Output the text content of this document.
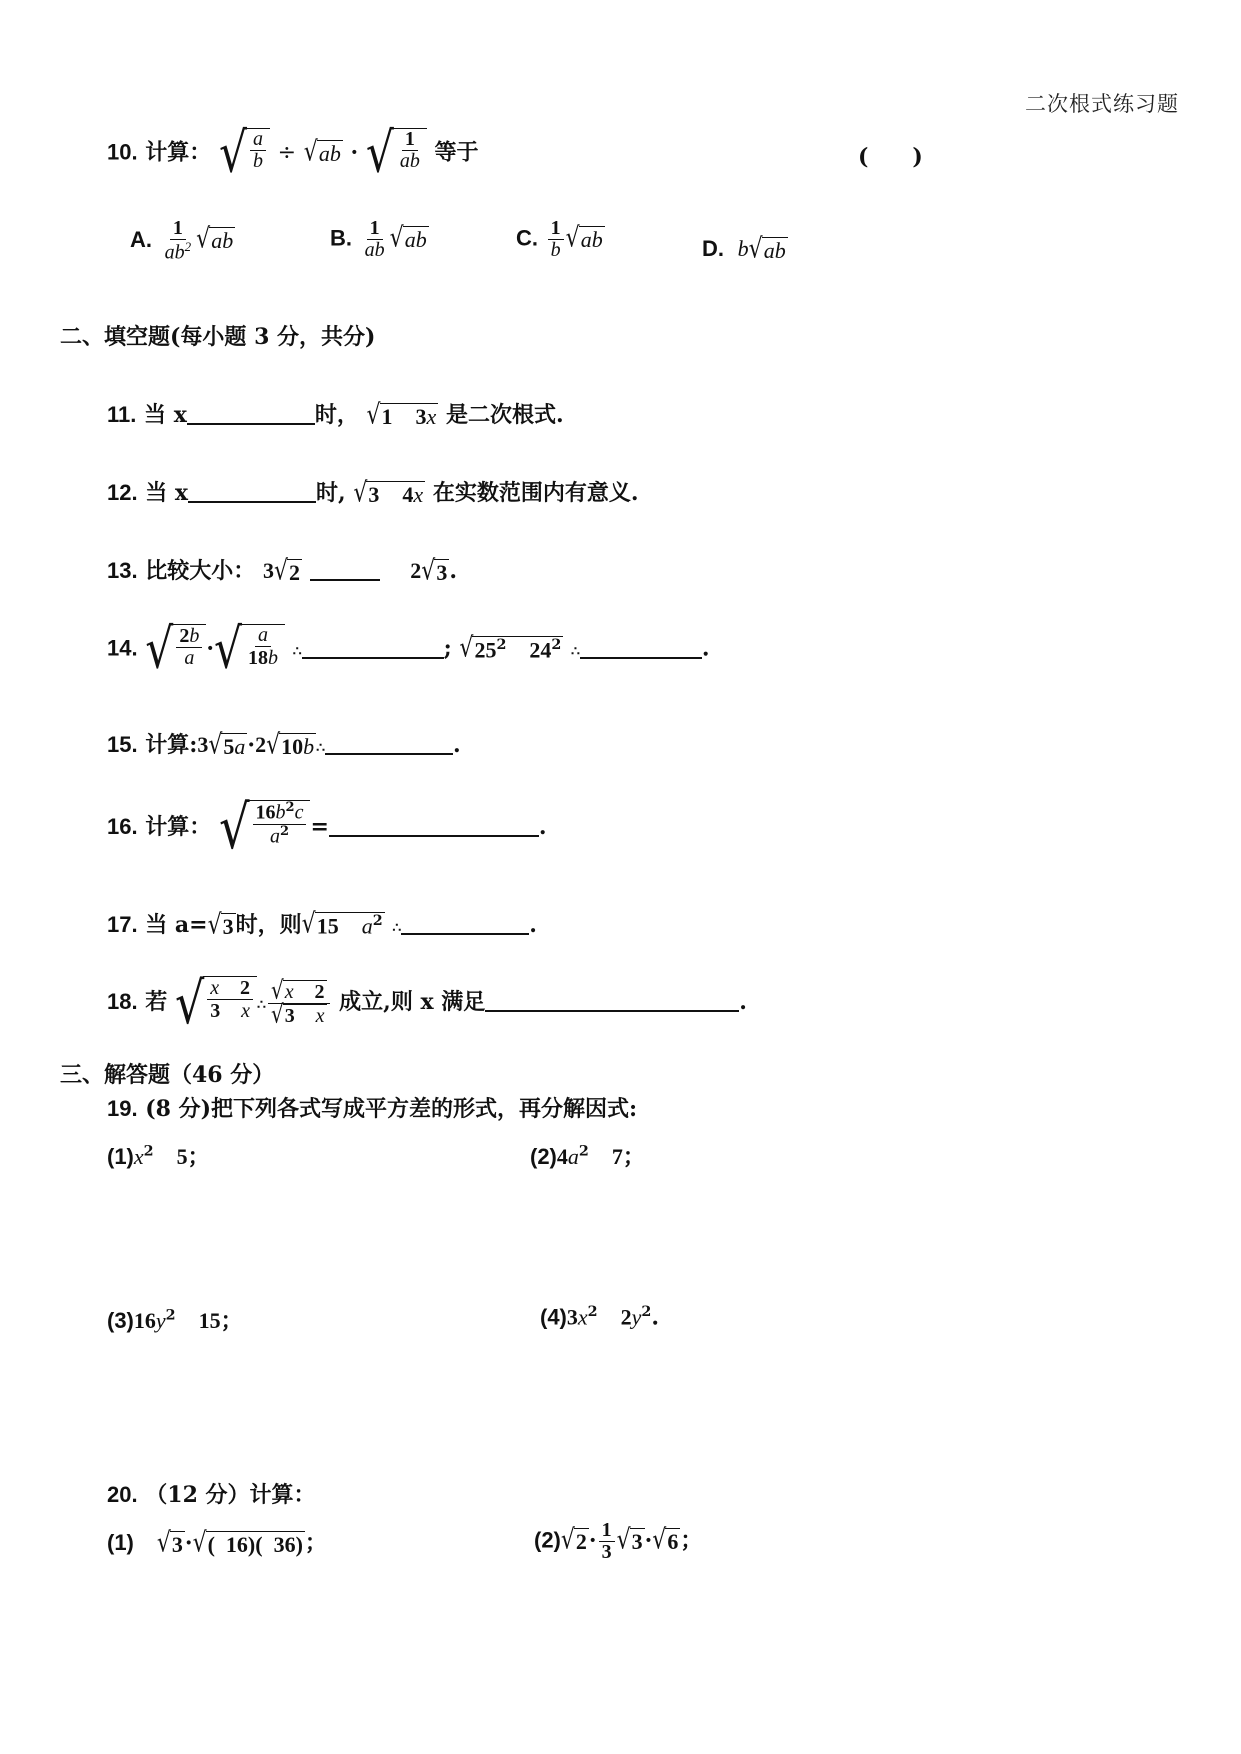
二次根式练习题
10. 计算： √ $\frac{a}{b}$ ÷ √ ab · √ $\frac{1}{ab}$ 等于	(　　)
A. $\frac{1}{ab^2}$ √ ab	B. $\frac{1}{ab}$ √ ab	C. $\frac{1}{b}$ √ ab	D. b √ ab
二、填空题(每小题 3 分，共分)
11. 当 x	时， √ 1 3x 是二次根式.
12. 当 x	时, √ 3 4x 在实数范围内有意义.
13. 比较大小： 3 √ 2	2 √ 3 .
14. √ $\frac{2b}{a}$ · √ $\frac{a}{18b}$ ∴	; √ $25^2$ $24^2$ ∴	.
15. 计算:3 √ 5a ·2 √ 10b ∴	.
16. 计算： √ $\frac{16b^2c}{a^2}$ =	.
17. 当 a= √ 3 时，则 √ 15 $a^2$ ∴	.
18. 若 √ $\frac{x 2}{3 x}$ ∴ $\frac{√ x 2}{√ 3 x}$ 成立,则 x 满足	.
三、解答题（46 分）
19. (8 分)把下列各式写成平方差的形式，再分解因式:
$(1)x^2$ 5；	$(2)4a^2$ 7；
$(3)16y^2$ 15；	$(4)3x^2$ $2y^2$.
20. （12 分）计算：
(1) √ 3 · √ (  16)(  36) ；	(2) √ $2 \cdot \frac{1}{3}$ √ 3 · √ 6 ；
